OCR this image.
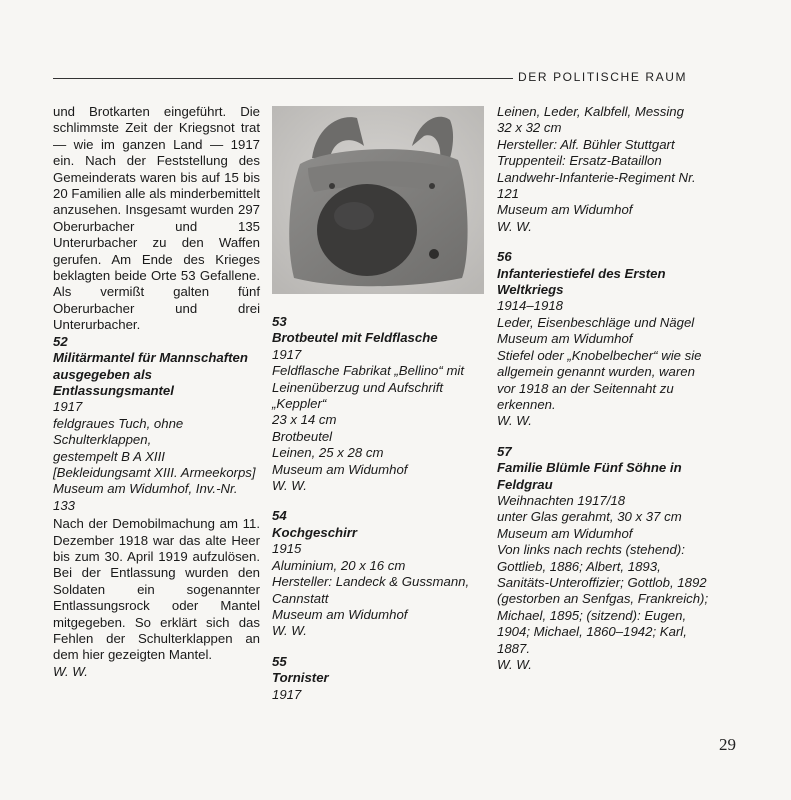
DER POLITISCHE RAUM

und Brotkarten eingeführt. Die schlimmste Zeit der Kriegsnot trat — wie im ganzen Land — 1917 ein. Nach der Feststellung des Gemeinderats waren bis auf 15 bis 20 Familien alle als minderbemittelt anzusehen. Insgesamt wurden 297 Oberurbacher und 135 Unterurbacher zu den Waffen gerufen. Am Ende des Krieges beklagten beide Orte 53 Gefallene. Als vermißt galten fünf Oberurbacher und drei Unterurbacher.

52

Militärmantel für Mannschaften ausgegeben als Entlassungsmantel

1917

feldgraues Tuch, ohne Schulterklappen,

gestempelt B A XIII

[Bekleidungsamt XIII. Armeekorps]

Museum am Widumhof, Inv.-Nr. 133

Nach der Demobilmachung am 11. Dezember 1918 war das alte Heer bis zum 30. April 1919 aufzulösen. Bei der Entlassung wurden den Soldaten ein sogenannter Entlassungsrock oder Mantel mitgegeben. So erklärt sich das Fehlen der Schulterklappen an dem hier gezeigten Mantel.

W. W.

53

Brotbeutel mit Feldflasche

1917

Feldflasche Fabrikat „Bellino“ mit Leinenüberzug und Aufschrift „Keppler“

23 x 14 cm

Brotbeutel

Leinen, 25 x 28 cm

Museum am Widumhof

W. W.

54

Kochgeschirr

1915

Aluminium, 20 x 16 cm

Hersteller: Landeck & Gussmann, Cannstatt

Museum am Widumhof

W. W.

55

Tornister

1917

Leinen, Leder, Kalbfell, Messing

32 x 32 cm

Hersteller: Alf. Bühler Stuttgart

Truppenteil: Ersatz-Bataillon Landwehr-Infanterie-Regiment Nr. 121

Museum am Widumhof

W. W.

56

Infanteriestiefel des Ersten Weltkriegs

1914–1918

Leder, Eisenbeschläge und Nägel

Museum am Widumhof

Stiefel oder „Knobelbecher“ wie sie allgemein genannt wurden, waren vor 1918 an der Seitennaht zu erkennen.

W. W.

57

Familie Blümle Fünf Söhne in Feldgrau

Weihnachten 1917/18

unter Glas gerahmt, 30 x 37 cm

Museum am Widumhof

Von links nach rechts (stehend): Gottlieb, 1886; Albert, 1893, Sanitäts-Unteroffizier; Gottlob, 1892 (gestorben an Senfgas, Frankreich); Michael, 1895; (sitzend): Eugen, 1904; Michael, 1860–1942; Karl, 1887.

W. W.

29
